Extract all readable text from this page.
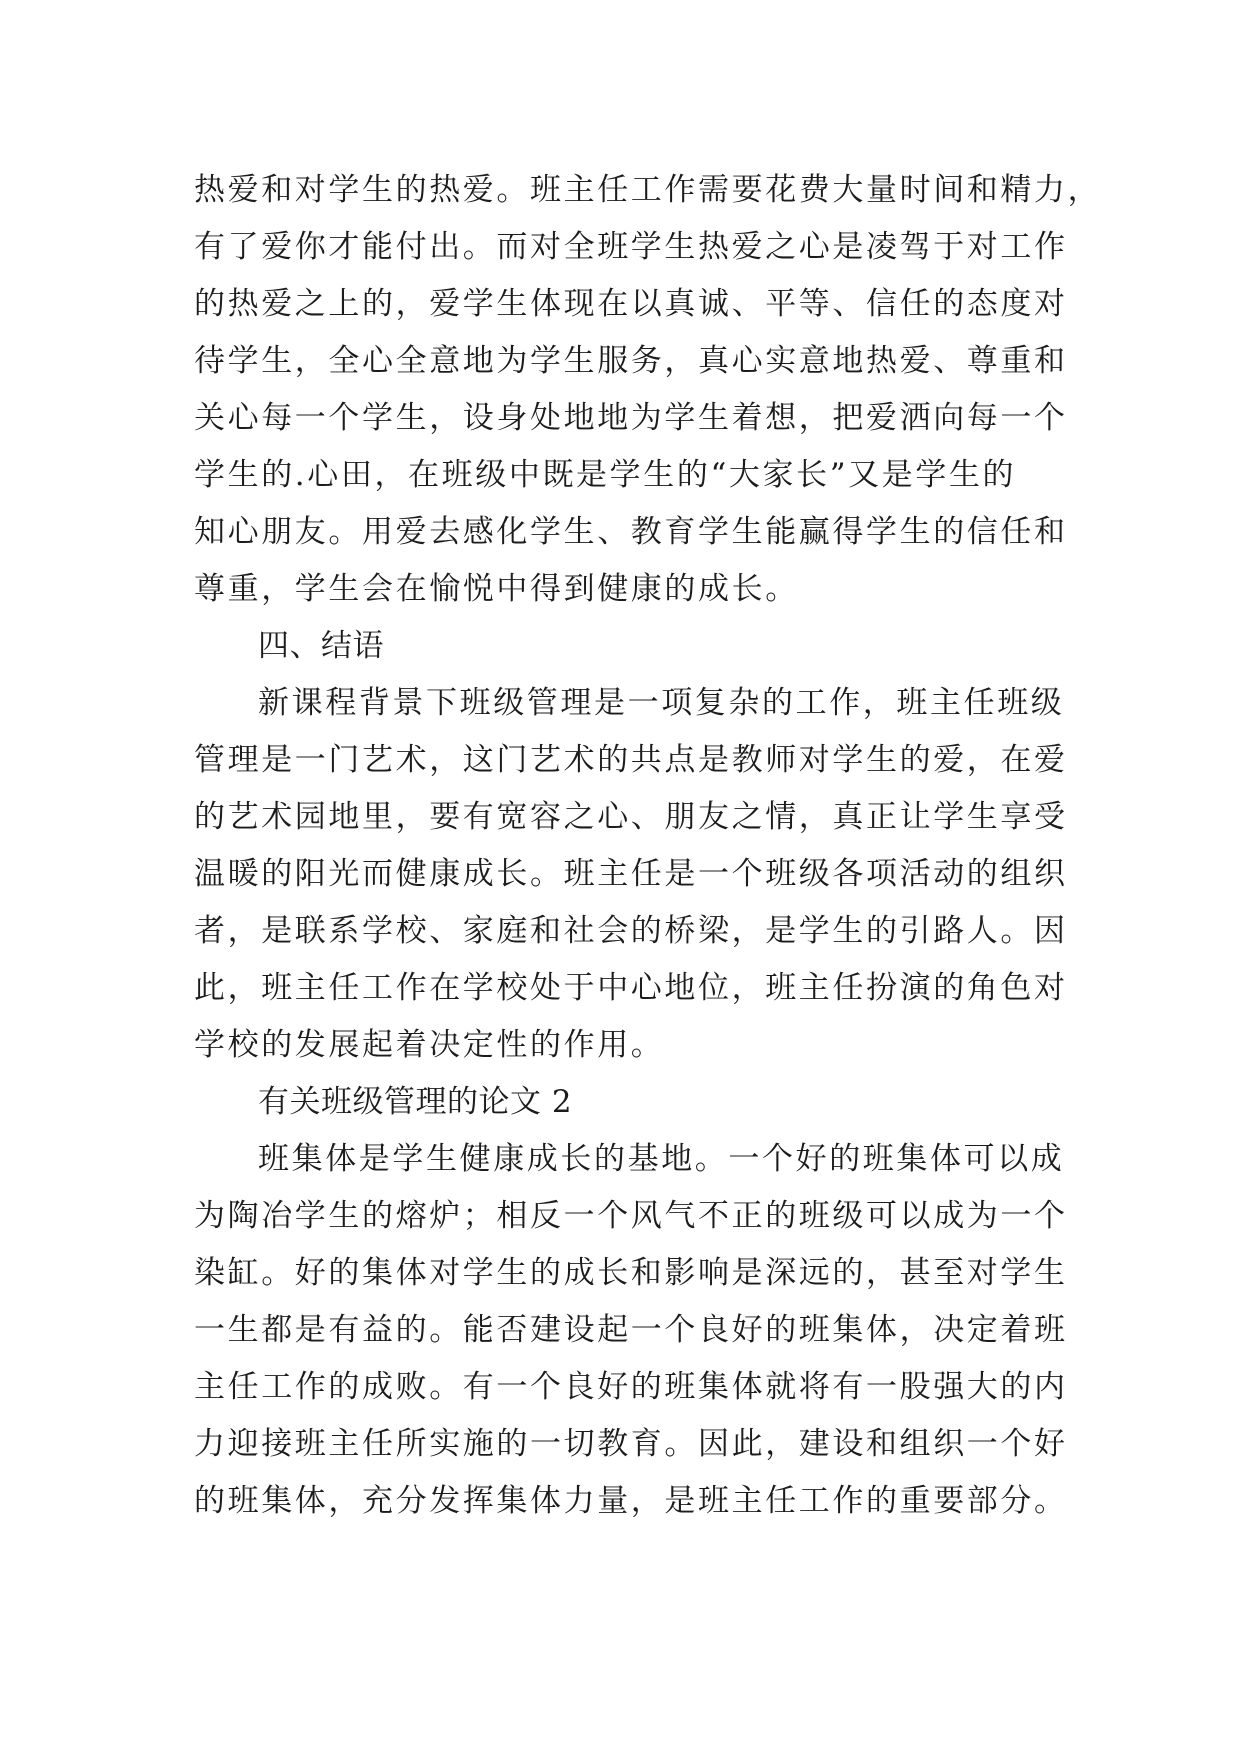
热爱和对学生的热爱。班主任工作需要花费大量时间和精力，

有了爱你才能付出。而对全班学生热爱之心是凌驾于对工作

的热爱之上的，爱学生体现在以真诚、平等、信任的态度对

待学生，全心全意地为学生服务，真心实意地热爱、尊重和

关心每一个学生，设身处地地为学生着想，把爱洒向每一个

学生的.心田，在班级中既是学生的“大家长”又是学生的

知心朋友。用爱去感化学生、教育学生能赢得学生的信任和

尊重，学生会在愉悦中得到健康的成长。

四、结语

新课程背景下班级管理是一项复杂的工作，班主任班级

管理是一门艺术，这门艺术的共点是教师对学生的爱，在爱

的艺术园地里，要有宽容之心、朋友之情，真正让学生享受

温暖的阳光而健康成长。班主任是一个班级各项活动的组织

者，是联系学校、家庭和社会的桥梁，是学生的引路人。因

此，班主任工作在学校处于中心地位，班主任扮演的角色对

学校的发展起着决定性的作用。

有关班级管理的论文 2

班集体是学生健康成长的基地。一个好的班集体可以成

为陶冶学生的熔炉；相反一个风气不正的班级可以成为一个

染缸。好的集体对学生的成长和影响是深远的，甚至对学生

一生都是有益的。能否建设起一个良好的班集体，决定着班

主任工作的成败。有一个良好的班集体就将有一股强大的内

力迎接班主任所实施的一切教育。因此，建设和组织一个好

的班集体，充分发挥集体力量，是班主任工作的重要部分。
